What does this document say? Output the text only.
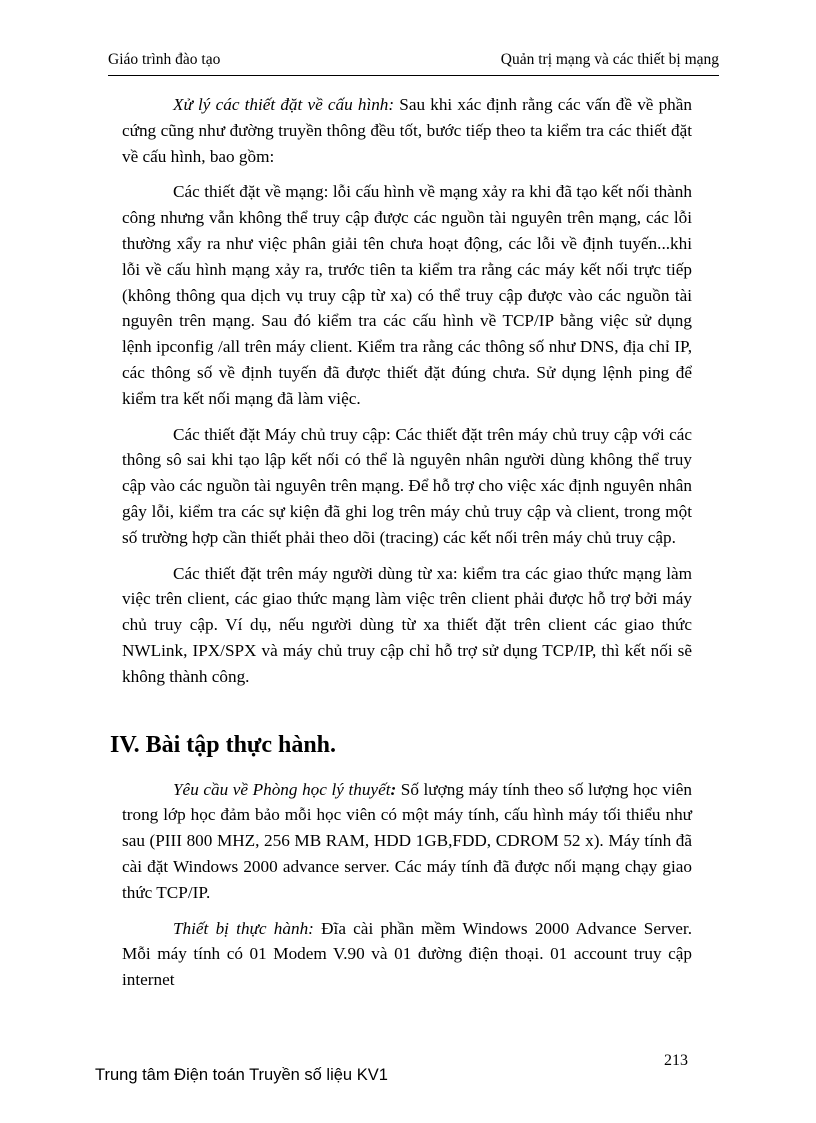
Giáo trình đào tạo	Quản trị mạng và các thiết bị mạng

Xử lý các thiết đặt về cấu hình: Sau khi xác định rằng các vấn đề về phần cứng cũng như đường truyền thông đều tốt, bước tiếp theo ta kiểm tra các thiết đặt về cấu hình, bao gồm:

Các thiết đặt về mạng: lỗi cấu hình về mạng xảy ra khi đã tạo kết nối thành công nhưng vẫn không thể truy cập được các nguồn tài nguyên trên mạng, các lỗi thường xẩy ra như việc phân giải tên chưa hoạt động, các lỗi về định tuyến...khi lỗi về cấu hình mạng xảy ra, trước tiên ta kiểm tra rằng các máy kết nối trực tiếp (không thông qua dịch vụ truy cập từ xa) có thể truy cập được vào các nguồn tài nguyên trên mạng. Sau đó kiểm tra các cấu hình về TCP/IP bằng việc sử dụng lệnh ipconfig /all trên máy client. Kiểm tra rằng các thông số như DNS, địa chỉ IP, các thông số về định tuyến đã được thiết đặt đúng chưa. Sử dụng lệnh ping để kiểm tra kết nối mạng đã làm việc.

Các thiết đặt Máy chủ truy cập: Các thiết đặt trên máy chủ truy cập với các thông sô sai khi tạo lập kết nối có thể là nguyên nhân người dùng không thể truy cập vào các nguồn tài nguyên trên mạng. Để hỗ trợ cho việc xác định nguyên nhân gây lỗi, kiểm tra các sự kiện đã ghi log trên máy chủ truy cập và client, trong một số trường hợp cần thiết phải theo dõi (tracing) các kết nối trên máy chủ truy cập.

Các thiết đặt trên máy người dùng từ xa: kiểm tra các giao thức mạng làm việc trên client, các giao thức mạng làm việc trên client phải được hỗ trợ bởi máy chủ truy cập. Ví dụ, nếu người dùng từ xa thiết đặt trên client các giao thức NWLink, IPX/SPX và máy chủ truy cập chỉ hỗ trợ sử dụng TCP/IP, thì kết nối sẽ không thành công.

IV. Bài tập thực hành.

Yêu cầu về Phòng học lý thuyết: Số lượng máy tính theo số lượng học viên trong lớp học đảm bảo mỗi học viên có một máy tính, cấu hình máy tối thiểu như sau (PIII 800 MHZ, 256 MB RAM, HDD 1GB,FDD, CDROM 52 x). Máy tính đã cài đặt Windows 2000 advance server. Các máy tính đã được nối mạng chạy giao thức TCP/IP.

Thiết bị thực hành: Đĩa cài phần mềm Windows 2000 Advance Server. Mỗi máy tính có 01 Modem V.90 và 01 đường điện thoại. 01 account truy cập internet

213
Trung tâm Điện toán Truyền số liệu KV1
